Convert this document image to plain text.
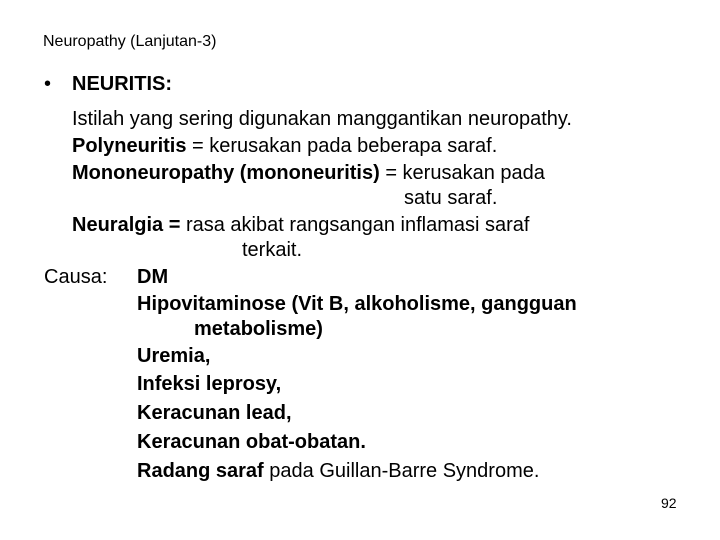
Neuropathy (Lanjutan-3)
• NEURITIS:
Istilah yang sering digunakan manggantikan neuropathy.
Polyneuritis = kerusakan pada beberapa saraf.
Mononeuropathy (mononeuritis) = kerusakan pada
satu saraf.
Neuralgia = rasa akibat rangsangan inflamasi saraf
terkait.
Causa: DM
Hipovitaminose (Vit B, alkoholisme, gangguan
metabolisme)
Uremia,
Infeksi leprosy,
Keracunan lead,
Keracunan obat-obatan.
Radang saraf pada Guillan-Barre Syndrome.
92
